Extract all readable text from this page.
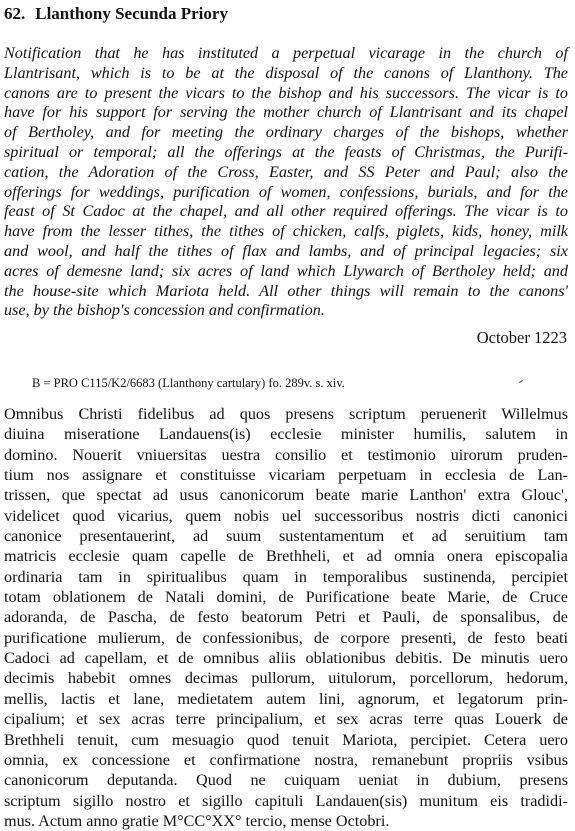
62. Llanthony Secunda Priory
Notification that he has instituted a perpetual vicarage in the church of
Llantrisant, which is to be at the disposal of the canons of Llanthony. The
canons are to present the vicars to the bishop and his successors. The vicar is to
have for his support for serving the mother church of Llantrisant and its chapel
of Bertholey, and for meeting the ordinary charges of the bishops, whether
spiritual or temporal; all the offerings at the feasts of Christmas, the Purifi-
cation, the Adoration of the Cross, Easter, and SS Peter and Paul; also the
offerings for weddings, purification of women, confessions, burials, and for the
feast of St Cadoc at the chapel, and all other required offerings. The vicar is to
have from the lesser tithes, the tithes of chicken, calfs, piglets, kids, honey, milk
and wool, and half the tithes of flax and lambs, and of principal legacies; six
acres of demesne land; six acres of land which Llywarch of Bertholey held; and
the house-site which Mariota held. All other things will remain to the canons'
use, by the bishop's concession and confirmation.
October 1223
B = PRO C115/K2/6683 (Llanthony cartulary) fo. 289v. s. xiv.
Omnibus Christi fidelibus ad quos presens scriptum peruenerit Willelmus
diuina miseratione Landauens(is) ecclesie minister humilis, salutem in
domino. Nouerit vniuersitas uestra consilio et testimonio uirorum pruden-
tium nos assignare et constituisse vicariam perpetuam in ecclesia de Lan-
trissen, que spectat ad usus canonicorum beate marie Lanthon' extra Glouc',
videlicet quod vicarius, quem nobis uel successoribus nostris dicti canonici
canonice presentauerint, ad suum sustentamentum et ad seruitium tam
matricis ecclesie quam capelle de Brethheli, et ad omnia onera episcopalia
ordinaria tam in spiritualibus quam in temporalibus sustinenda, percipiet
totam oblationem de Natali domini, de Purificatione beate Marie, de Cruce
adoranda, de Pascha, de festo beatorum Petri et Pauli, de sponsalibus, de
purificatione mulierum, de confessionibus, de corpore presenti, de festo beati
Cadoci ad capellam, et de omnibus aliis oblationibus debitis. De minutis uero
decimis habebit omnes decimas pullorum, uitulorum, porcellorum, hedorum,
mellis, lactis et lane, medietatem autem lini, agnorum, et legatorum prin-
cipalium; et sex acras terre principalium, et sex acras terre quas Louerk de
Brethheli tenuit, cum mesuagio quod tenuit Mariota, percipiet. Cetera uero
omnia, ex concessione et confirmatione nostra, remanebunt propriis vsibus
canonicorum deputanda. Quod ne cuiquam ueniat in dubium, presens
scriptum sigillo nostro et sigillo capituli Landauen(sis) munitum eis tradidi-
mus. Actum anno gratie M°CC°XX° tercio, mense Octobri.
